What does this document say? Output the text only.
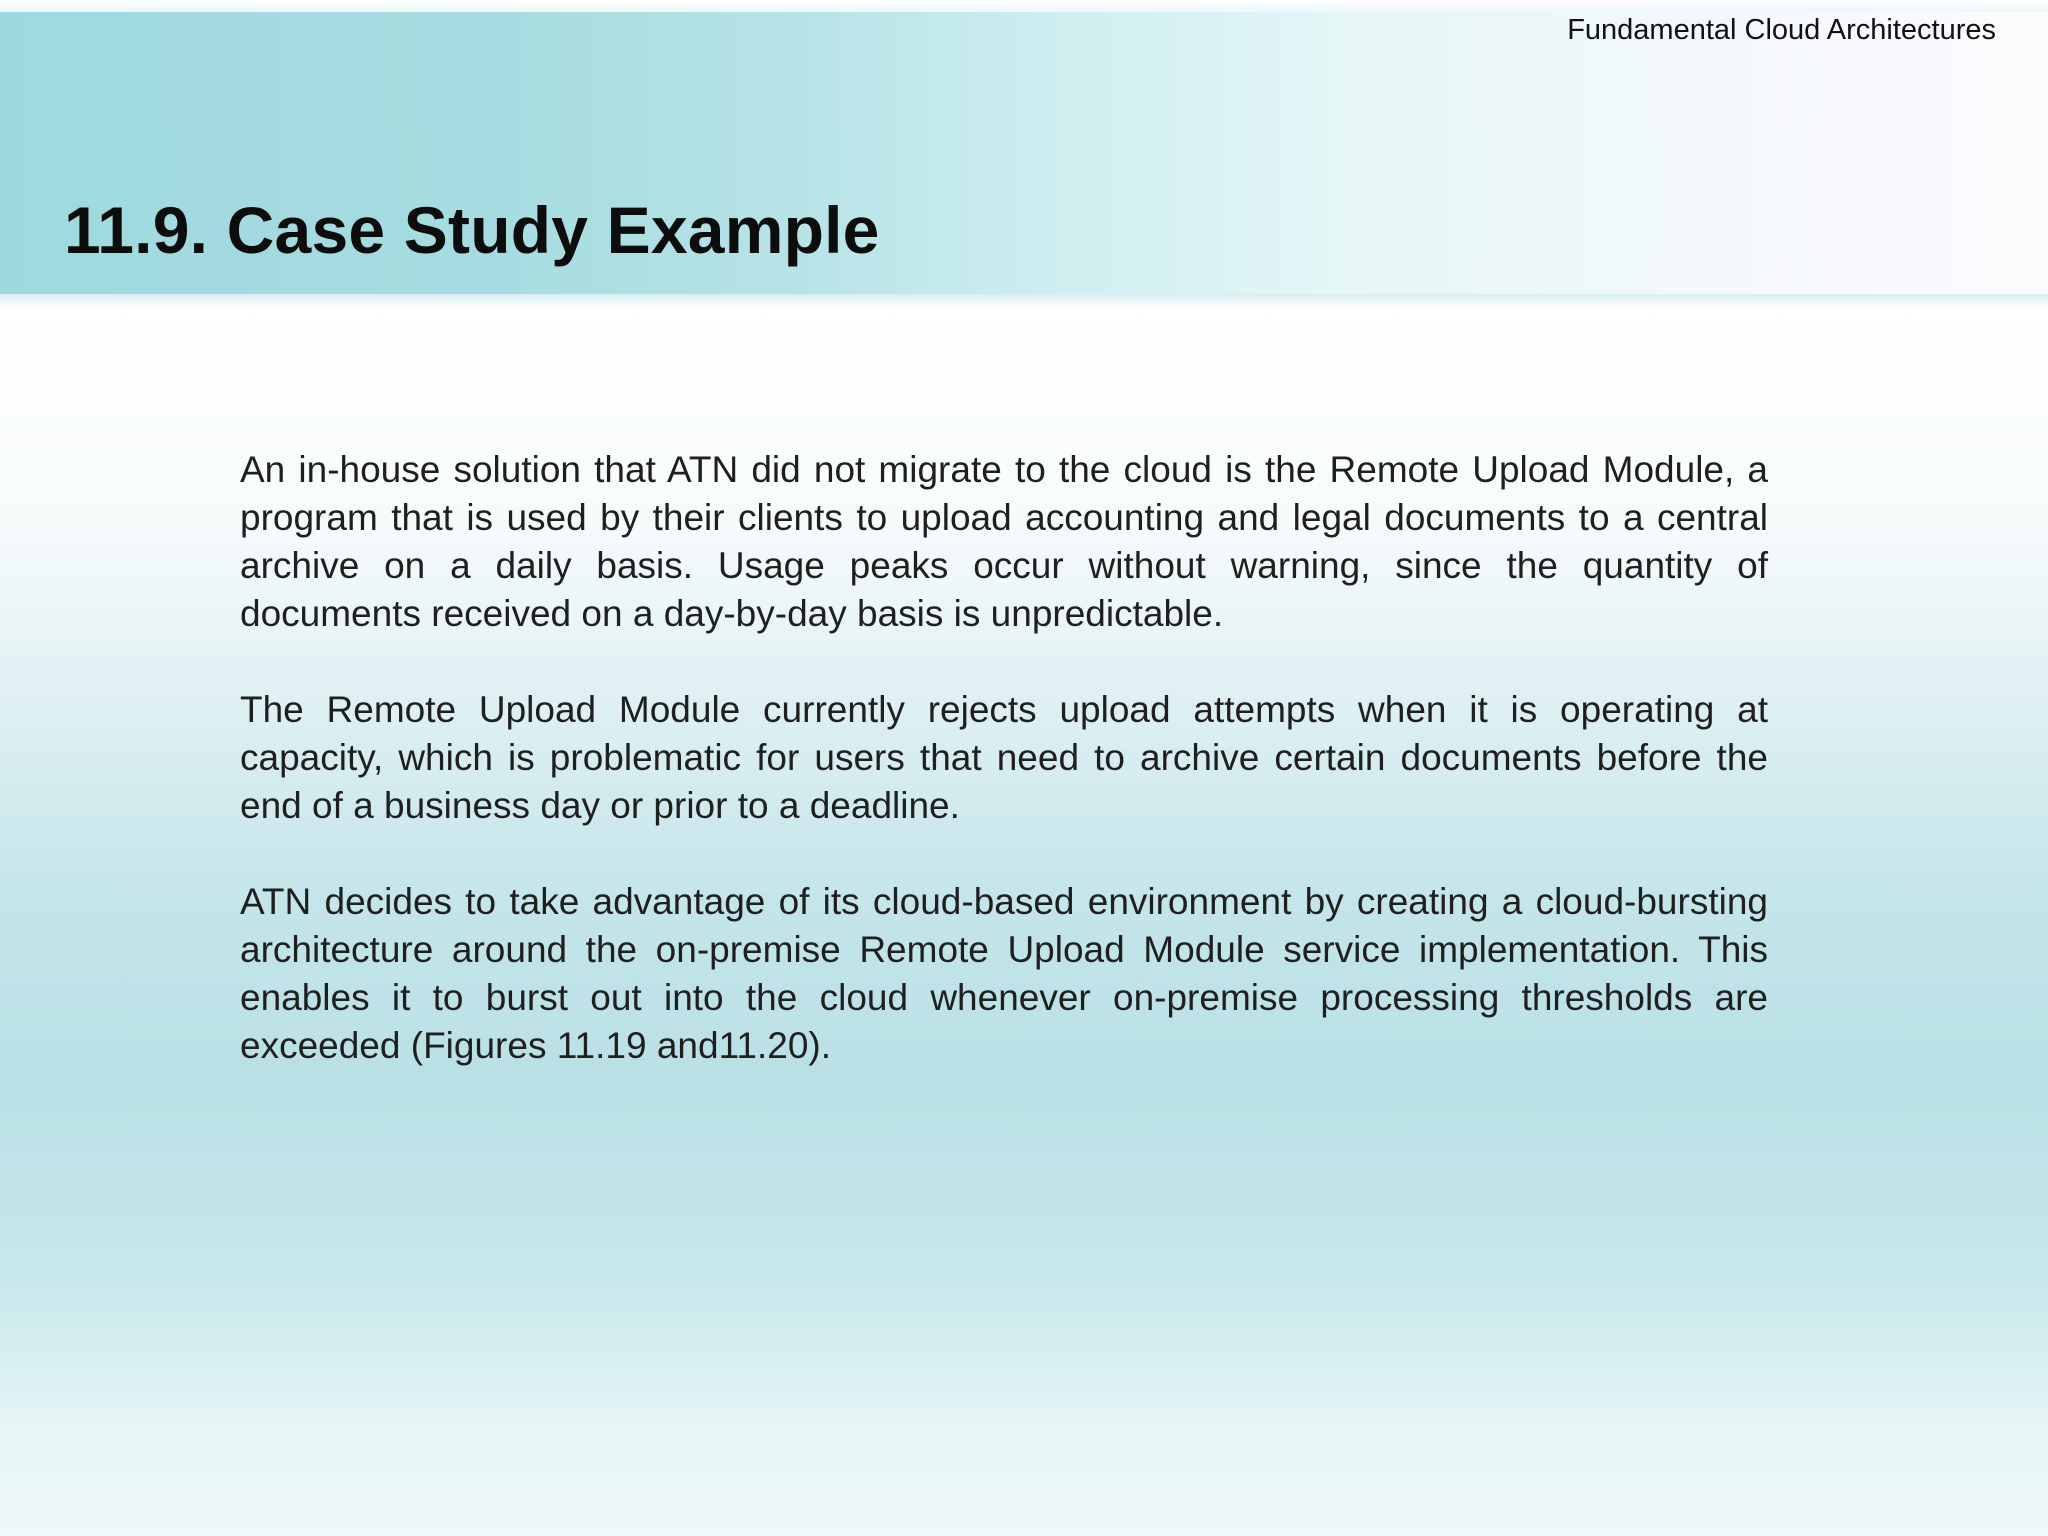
Fundamental Cloud Architectures
11.9. Case Study Example

An in-house solution that ATN did not migrate to the cloud is the Remote Upload Module, a program that is used by their clients to upload accounting and legal documents to a central archive on a daily basis. Usage peaks occur without warning, since the quantity of documents received on a day-by-day basis is unpredictable.

The Remote Upload Module currently rejects upload attempts when it is operating at capacity, which is problematic for users that need to archive certain documents before the end of a business day or prior to a deadline.

ATN decides to take advantage of its cloud-based environment by creating a cloud-bursting architecture around the on-premise Remote Upload Module service implementation. This enables it to burst out into the cloud whenever on-premise processing thresholds are exceeded (Figures 11.19 and11.20).
